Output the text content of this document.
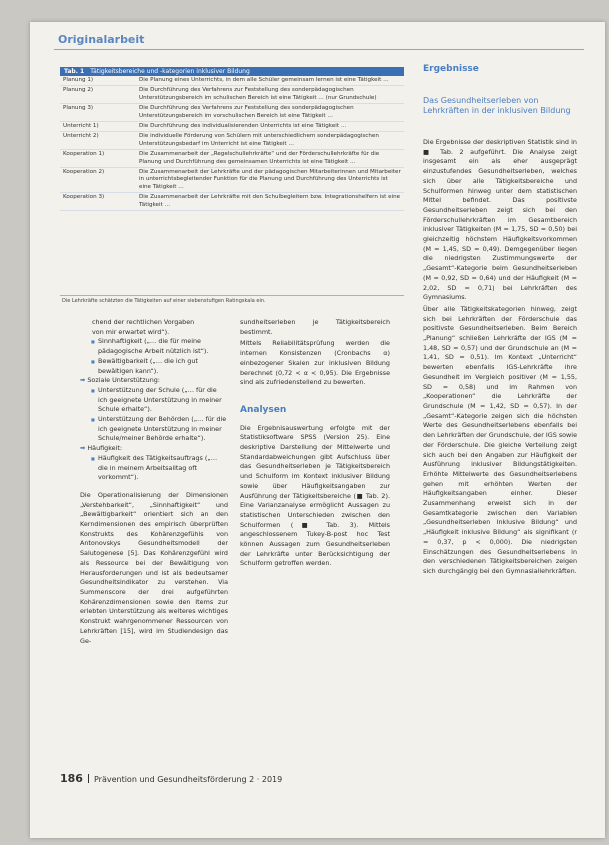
Originalarbeit
Tab. 1 Tätigkeitsbereiche und -kategorien inklusiver Bildung
Planung 1)	Die Planung eines Unterrichts, in dem alle Schüler gemeinsam lernen ist eine Tätigkeit …
Planung 2)	Die Durchführung des Verfahrens zur Feststellung des sonderpädagogischen Unterstützungsbereich im schulischen Bereich ist eine Tätigkeit … (nur Grundschule)
Planung 3)	Die Durchführung des Verfahrens zur Feststellung des sonderpädagogischen Unterstützungsbereich im vorschulischen Bereich ist eine Tätigkeit …
Unterricht 1)	Die Durchführung des individualisierenden Unterrichts ist eine Tätigkeit …
Unterricht 2)	Die individuelle Förderung von Schülern mit unterschiedlichem sonderpädagogischen Unterstützungsbedarf im Unterricht ist eine Tätigkeit …
Kooperation 1)	Die Zusammenarbeit der „Regelschullehrkräfte“ und der Förderschullehrkräfte für die Planung und Durchführung des gemeinsamen Unterrichts ist eine Tätigkeit …
Kooperation 2)	Die Zusammenarbeit der Lehrkräfte und der pädagogischen Mitarbeiterinnen und Mitarbeiter in unterrichtsbegleitender Funktion für die Planung und Durchführung des Unterrichts ist eine Tätigkeit …
Kooperation 3)	Die Zusammenarbeit der Lehrkräfte mit den Schulbegleitern bzw. Integrationshelfern ist eine Tätigkeit …
Die Lehrkräfte schätzten die Tätigkeiten auf einer siebenstufigen Ratingskala ein.

chend der rechtlichen Vorgaben

von mir erwartet wird“).

■ Sinnhaftigkeit („… die für meine pädagogische Arbeit nützlich ist“).
■ Bewältigbarkeit („… die ich gut bewältigen kann“).

➡ Soziale Unterstützung:

■ Unterstützung der Schule („… für die ich geeignete Unterstützung in meiner Schule erhalte“).
■ Unterstützung der Behörden („… für die ich geeignete Unterstützung in meiner Schule/meiner Behörde erhalte“).

➡ Häufigkeit:

■ Häufigkeit des Tätigkeitsauftrags („… die in meinem Arbeitsalltag oft vorkommt“).

Die Operationalisierung der Dimensionen „Verstehbarkeit“, „Sinnhaftigkeit“ und „Bewältigbarkeit“ orientiert sich an den Kerndimensionen des empirisch überprüften Konstrukts des Kohärenzgefühls von Antonovskys Gesundheitsmodell der Salutogenese [5]. Das Kohärenzgefühl wird als Ressource bei der Bewältigung von Herausforderungen und ist als bedeutsamer Gesundheitsindikator zu verstehen. Via Summenscore der drei aufgeführten Kohärenzdimensionen sowie den Items zur erlebten Unterstützung als weiteres wichtiges Konstrukt wahrgenommener Ressourcen von Lehrkräften [15], wird im Studiendesign das Ge-

sundheitserleben je Tätigkeitsbereich bestimmt.

Mittels Reliabilitätsprüfung werden die internen Konsistenzen (Cronbachs α) einbezogener Skalen zur inklusiven Bildung berechnet (0,72 < α < 0,95). Die Ergebnisse sind als zufriedenstellend zu bewerten.

Analysen

Die Ergebnisauswertung erfolgte mit der Statistiksoftware SPSS (Version 25). Eine deskriptive Darstellung der Mittelwerte und Standardabweichungen gibt Aufschluss über das Gesundheitserleben je Tätigkeitsbereich und Schulform im Kontext inklusiver Bildung sowie über Häufigkeitsangaben zur Ausführung der Tätigkeitsbereiche (■ Tab. 2). Eine Varianzanalyse ermöglicht Aussagen zu statistischen Unterschieden zwischen den Schulformen (■ Tab. 3). Mittels angeschlossenem Tukey-B-post hoc Test können Aussagen zum Gesundheitserleben der Lehrkräfte unter Berücksichtigung der Schulform getroffen werden.

Ergebnisse
Das Gesundheitserleben von Lehrkräften in der inklusiven Bildung

Die Ergebnisse der deskriptiven Statistik sind in ■ Tab. 2 aufgeführt. Die Analyse zeigt insgesamt ein als eher ausgeprägt einzustufendes Gesundheitserleben, welches sich über alle Tätigkeitsbereiche und Schulformen hinweg unter dem statistischen Mittel befindet. Das positivste Gesundheitserleben zeigt sich bei den Förderschullehrkräften im Gesamtbereich inklusiver Tätigkeiten (M = 1,75, SD = 0,50) bei gleichzeitig höchstem Häufigkeitsvorkommen (M = 1,45, SD = 0,49). Demgegenüber liegen die niedrigsten Zustimmungswerte der „Gesamt“-Kategorie beim Gesundheitserleben (M = 0,92, SD = 0,64) und der Häufigkeit (M = 2,02, SD = 0,71) bei Lehrkräften des Gymnasiums.

Über alle Tätigkeitskategorien hinweg, zeigt sich bei Lehrkräften der Förderschule das positivste Gesundheitserleben. Beim Bereich „Planung“ schließen Lehrkräfte der IGS (M = 1,48, SD = 0,57) und der Grundschule an (M = 1,41, SD = 0,51). Im Kontext „Unterricht“ bewerten ebenfalls IGS-Lehrkräfte ihre Gesundheit im Vergleich positiver (M = 1,55, SD = 0,58) und im Rahmen von „Kooperationen“ die Lehrkräfte der Grundschule (M = 1,42, SD = 0,57). In der „Gesamt“-Kategorie zeigen sich die höchsten Werte des Gesundheitserlebens ebenfalls bei den Lehrkräften der Grundschule, der IGS sowie der Förderschule. Die gleiche Verteilung zeigt sich auch bei den Angaben zur Häufigkeit der Ausführung inklusiver Bildungstätigkeiten. Erhöhte Mittelwerte des Gesundheitserlebens gehen mit erhöhten Werten der Häufigkeitsangaben einher. Dieser Zusammenhang erweist sich in der Gesamtkategorie zwischen den Variablen „Gesundheitserleben Inklusive Bildung“ und „Häufigkeit inklusive Bildung“ als signifikant (r = 0,37, p < 0,000). Die niedrigsten Einschätzungen des Gesundheitserlebens in den verschiedenen Tätigkeitsbereichen zeigen sich durchgängig bei den Gymnasiallehrkräften.

186 Prävention und Gesundheitsförderung 2 · 2019
